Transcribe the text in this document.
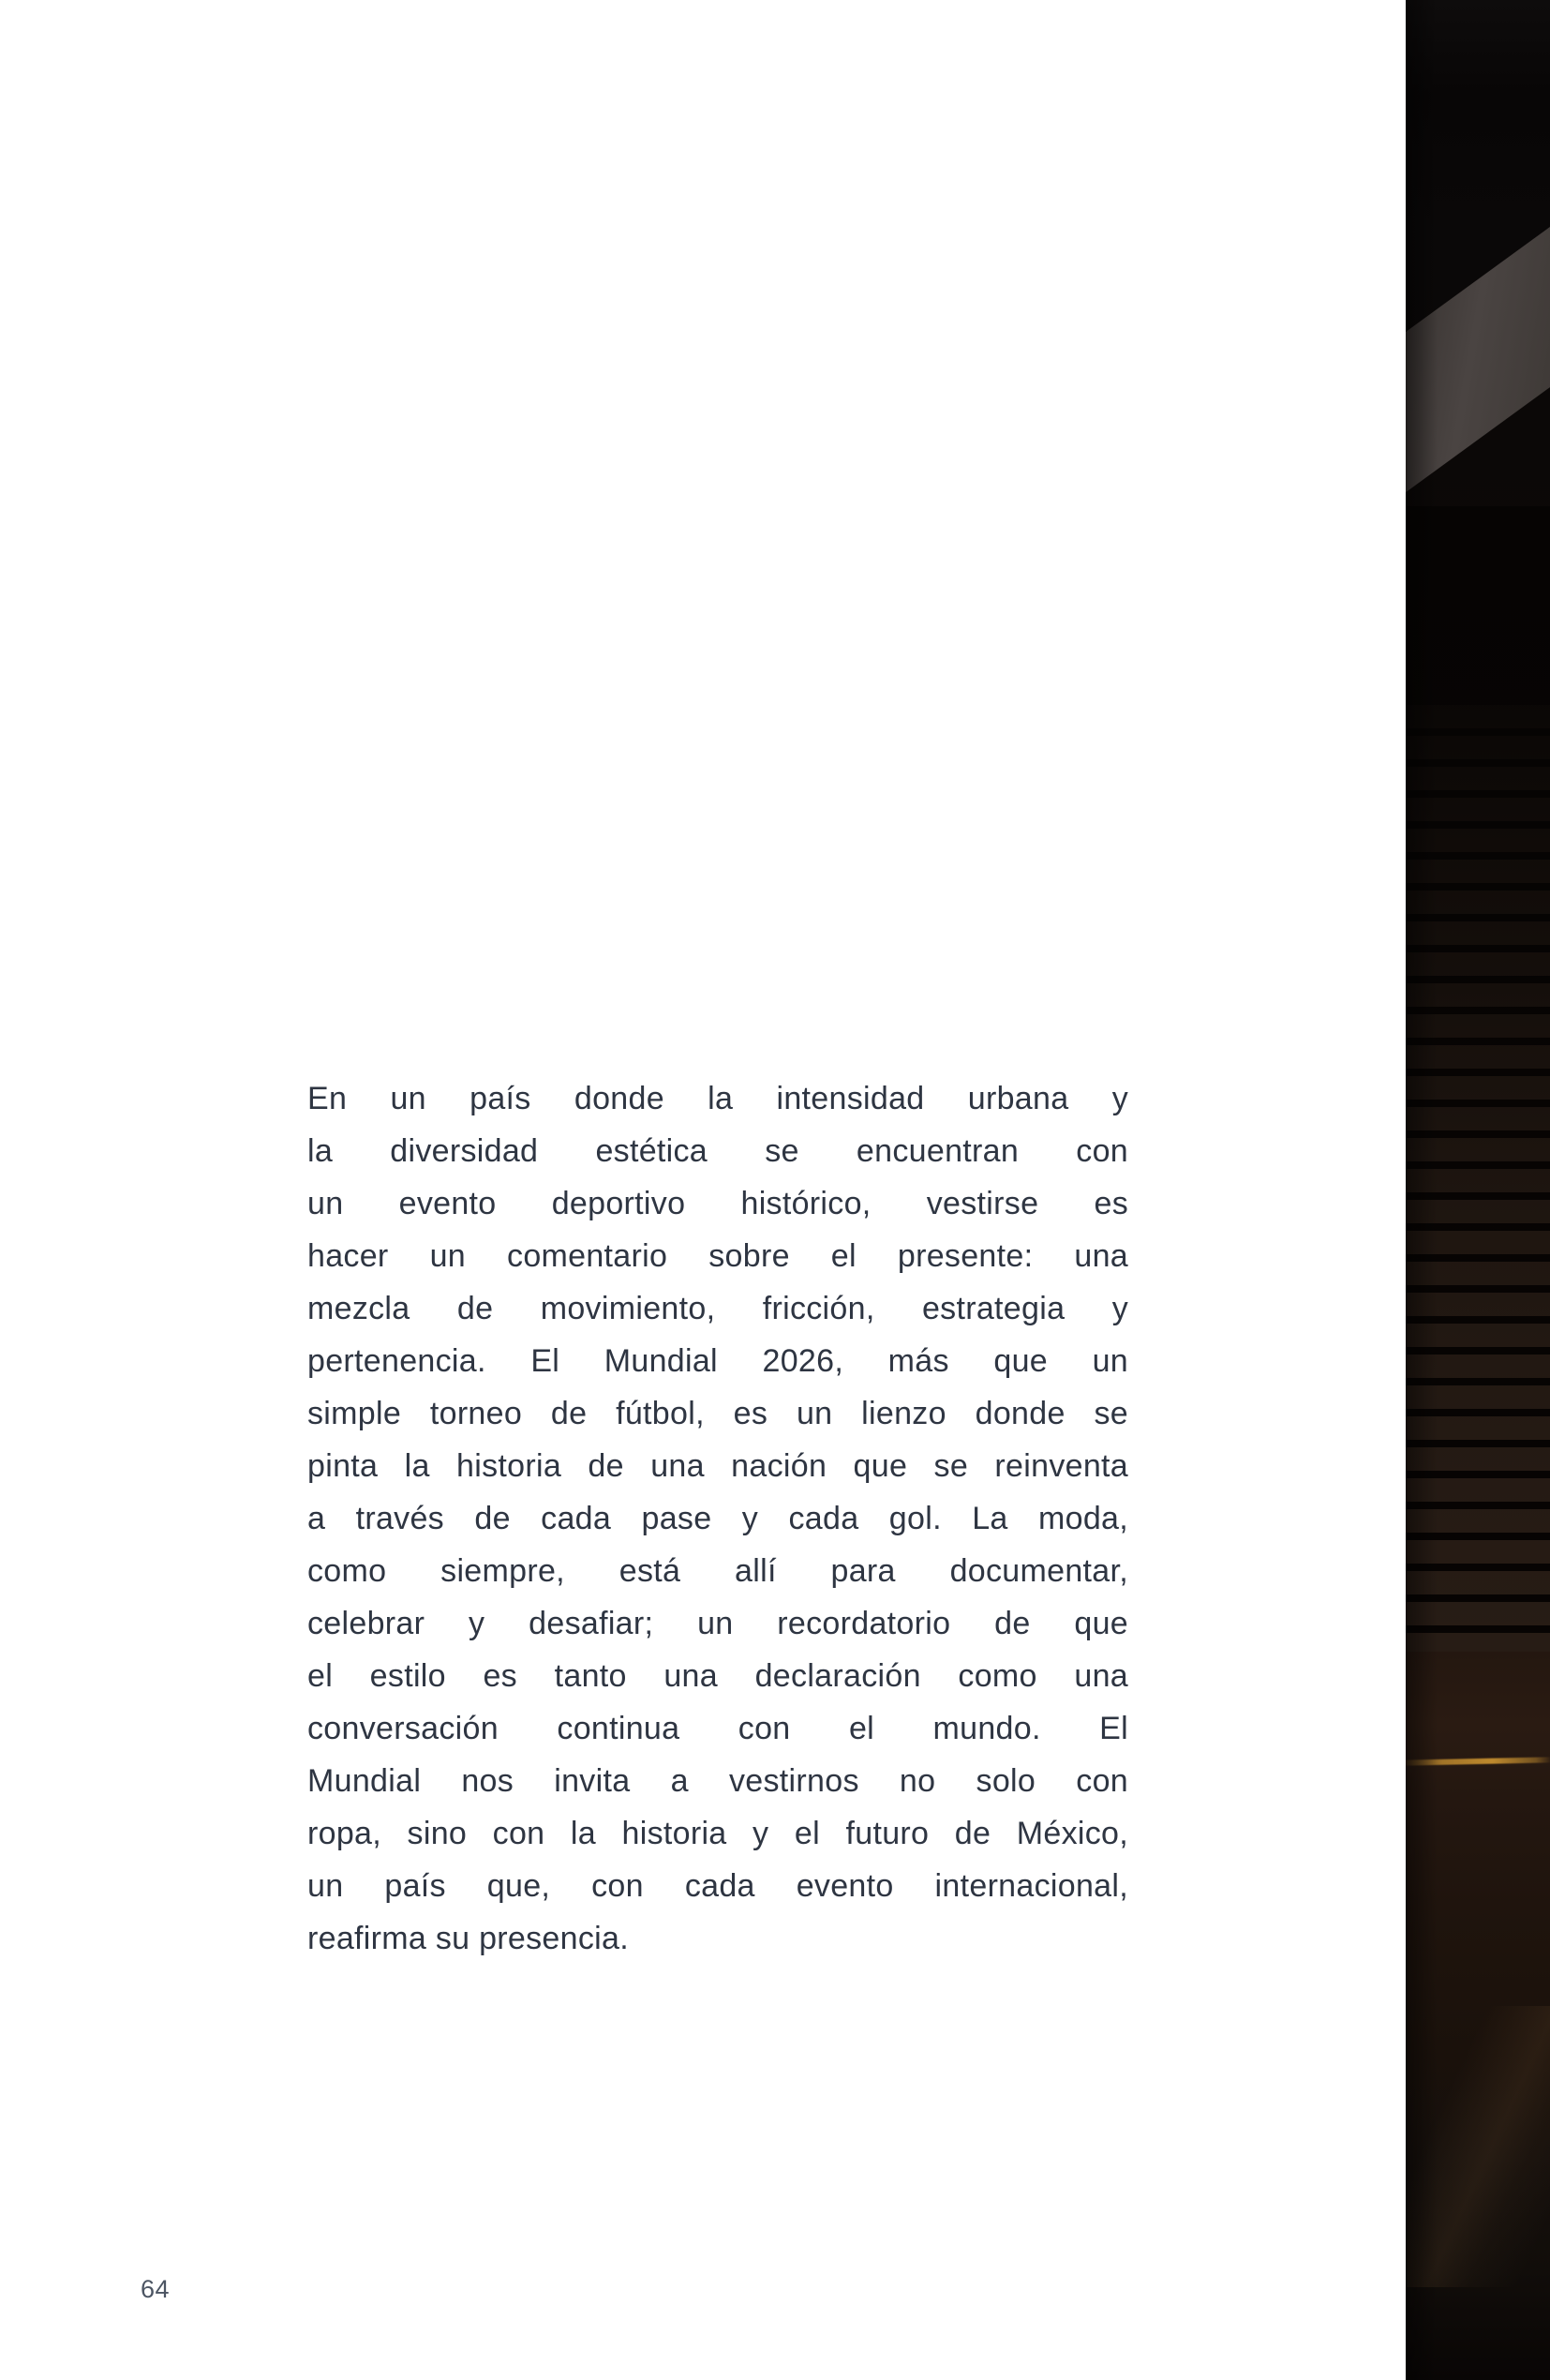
En un país donde la intensidad urbana y
la diversidad estética se encuentran con
un evento deportivo histórico, vestirse es
hacer un comentario sobre el presente: una
mezcla de movimiento, fricción, estrategia y
pertenencia. El Mundial 2026, más que un
simple torneo de fútbol, es un lienzo donde se
pinta la historia de una nación que se reinventa
a través de cada pase y cada gol. La moda,
como siempre, está allí para documentar,
celebrar y desafiar; un recordatorio de que
el estilo es tanto una declaración como una
conversación continua con el mundo. El
Mundial nos invita a vestirnos no solo con
ropa, sino con la historia y el futuro de México,
un país que, con cada evento internacional,
reafirma su presencia.
64
